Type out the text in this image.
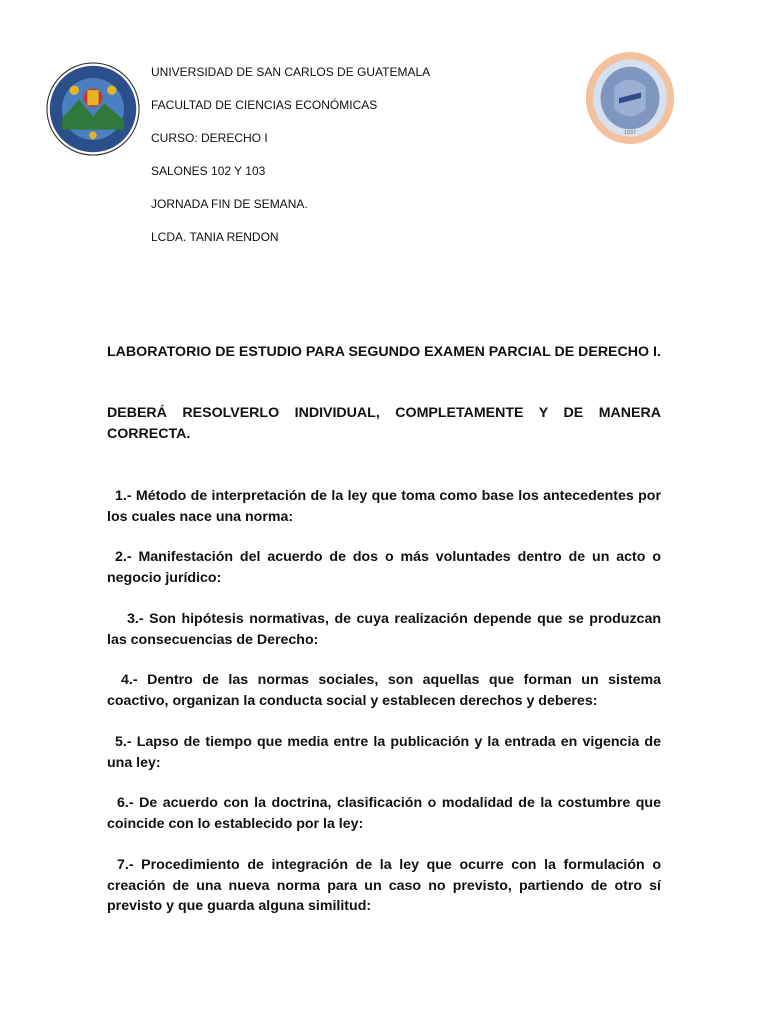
1937
UNIVERSIDAD DE SAN CARLOS DE GUATEMALA
FACULTAD DE CIENCIAS ECONÓMICAS
CURSO: DERECHO I
SALONES 102 Y 103
JORNADA FIN DE SEMANA.
LCDA. TANIA RENDON

LABORATORIO DE ESTUDIO PARA SEGUNDO EXAMEN PARCIAL DE DERECHO I.

DEBERÁ RESOLVERLO INDIVIDUAL, COMPLETAMENTE Y DE MANERA CORRECTA.

1.- Método de interpretación de la ley que toma como base los antecedentes por los cuales nace una norma:
2.- Manifestación del acuerdo de dos o más voluntades dentro de un acto o negocio jurídico:
3.- Son hipótesis normativas, de cuya realización depende que se produzcan las consecuencias de Derecho:
4.- Dentro de las normas sociales, son aquellas que forman un sistema coactivo, organizan la conducta social y establecen derechos y deberes:
5.- Lapso de tiempo que media entre la publicación y la entrada en vigencia de una ley:
6.- De acuerdo con la doctrina, clasificación o modalidad de la costumbre que coincide con lo establecido por la ley:
7.- Procedimiento de integración de la ley que ocurre con la formulación o creación de una nueva norma para un caso no previsto, partiendo de otro sí previsto y que guarda alguna similitud:
